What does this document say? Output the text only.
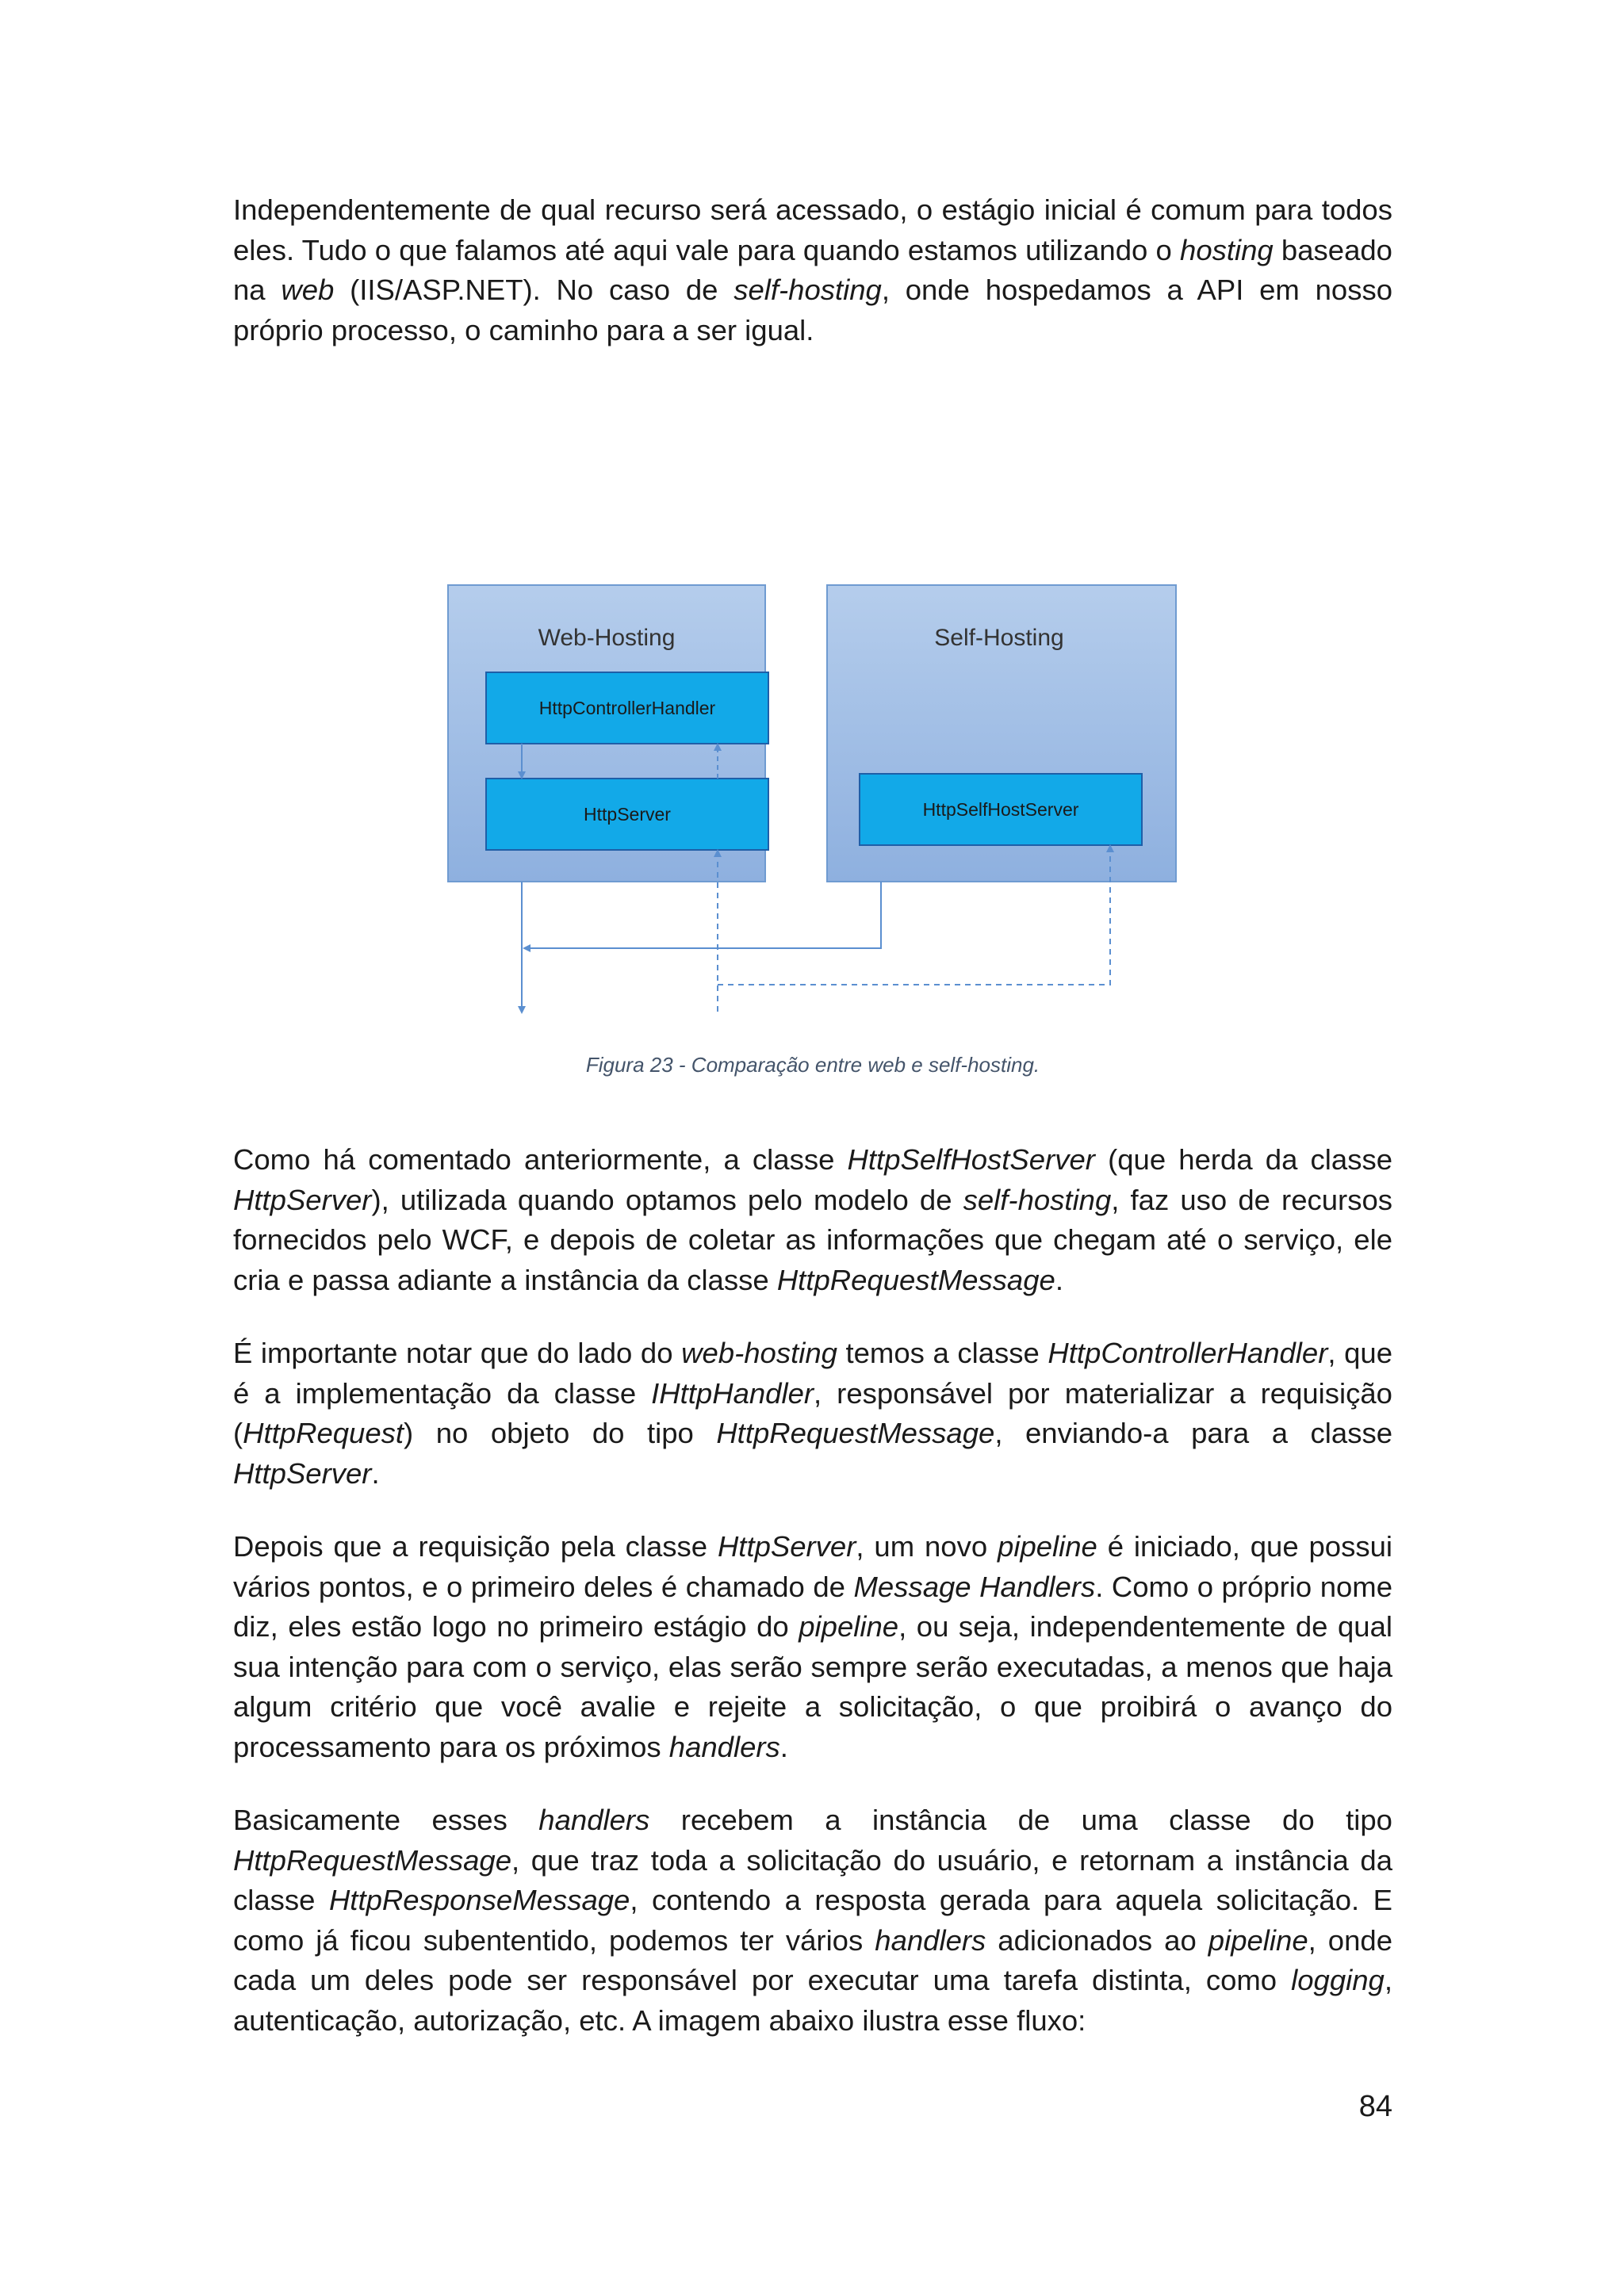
Independentemente de qual recurso será acessado, o estágio inicial é comum para todos eles. Tudo o que falamos até aqui vale para quando estamos utilizando o hosting baseado na web (IIS/ASP.NET). No caso de self-hosting, onde hospedamos a API em nosso próprio processo, o caminho para a ser igual.

Web-Hosting
HttpControllerHandler
HttpServer
Self-Hosting
HttpSelfHostServer
Figura 23 - Comparação entre web e self-hosting.

Como há comentado anteriormente, a classe HttpSelfHostServer (que herda da classe HttpServer), utilizada quando optamos pelo modelo de self-hosting, faz uso de recursos fornecidos pelo WCF, e depois de coletar as informações que chegam até o serviço, ele cria e passa adiante a instância da classe HttpRequestMessage.

É importante notar que do lado do web-hosting temos a classe HttpControllerHandler, que é a implementação da classe IHttpHandler, responsável por materializar a requisição (HttpRequest) no objeto do tipo HttpRequestMessage, enviando-a para a classe HttpServer.

Depois que a requisição pela classe HttpServer, um novo pipeline é iniciado, que possui vários pontos, e o primeiro deles é chamado de Message Handlers. Como o próprio nome diz, eles estão logo no primeiro estágio do pipeline, ou seja, independentemente de qual sua intenção para com o serviço, elas serão sempre serão executadas, a menos que haja algum critério que você avalie e rejeite a solicitação, o que proibirá o avanço do processamento para os próximos handlers.

Basicamente esses handlers recebem a instância de uma classe do tipo HttpRequestMessage, que traz toda a solicitação do usuário, e retornam a instância da classe HttpResponseMessage, contendo a resposta gerada para aquela solicitação. E como já ficou subententido, podemos ter vários handlers adicionados ao pipeline, onde cada um deles pode ser responsável por executar uma tarefa distinta, como logging, autenticação, autorização, etc. A imagem abaixo ilustra esse fluxo:

84
